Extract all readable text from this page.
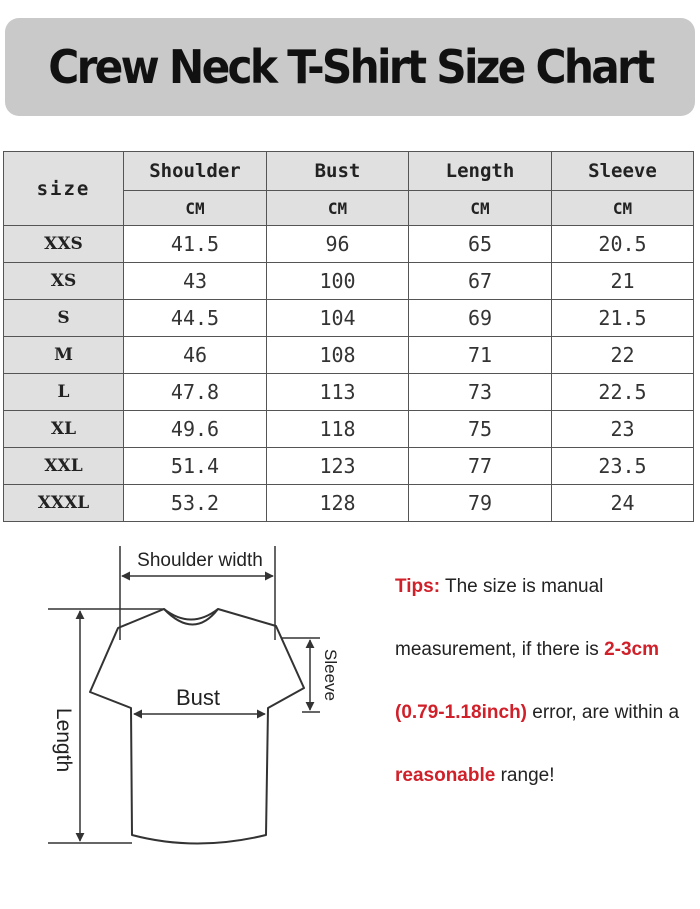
Crew Neck T-Shirt Size Chart
size	Shoulder	Bust	Length	Sleeve
	CM	CM	CM	CM
XXS	41.5	96	65	20.5
XS	43	100	67	21
S	44.5	104	69	21.5
M	46	108	71	22
L	47.8	113	73	22.5
XL	49.6	118	75	23
XXL	51.4	123	77	23.5
XXXL	53.2	128	79	24
Shoulder width
Bust
Length
Sleeve
Tips: The size is manual measurement, if there is 2-3cm (0.79-1.18inch) error, are within a reasonable range!
